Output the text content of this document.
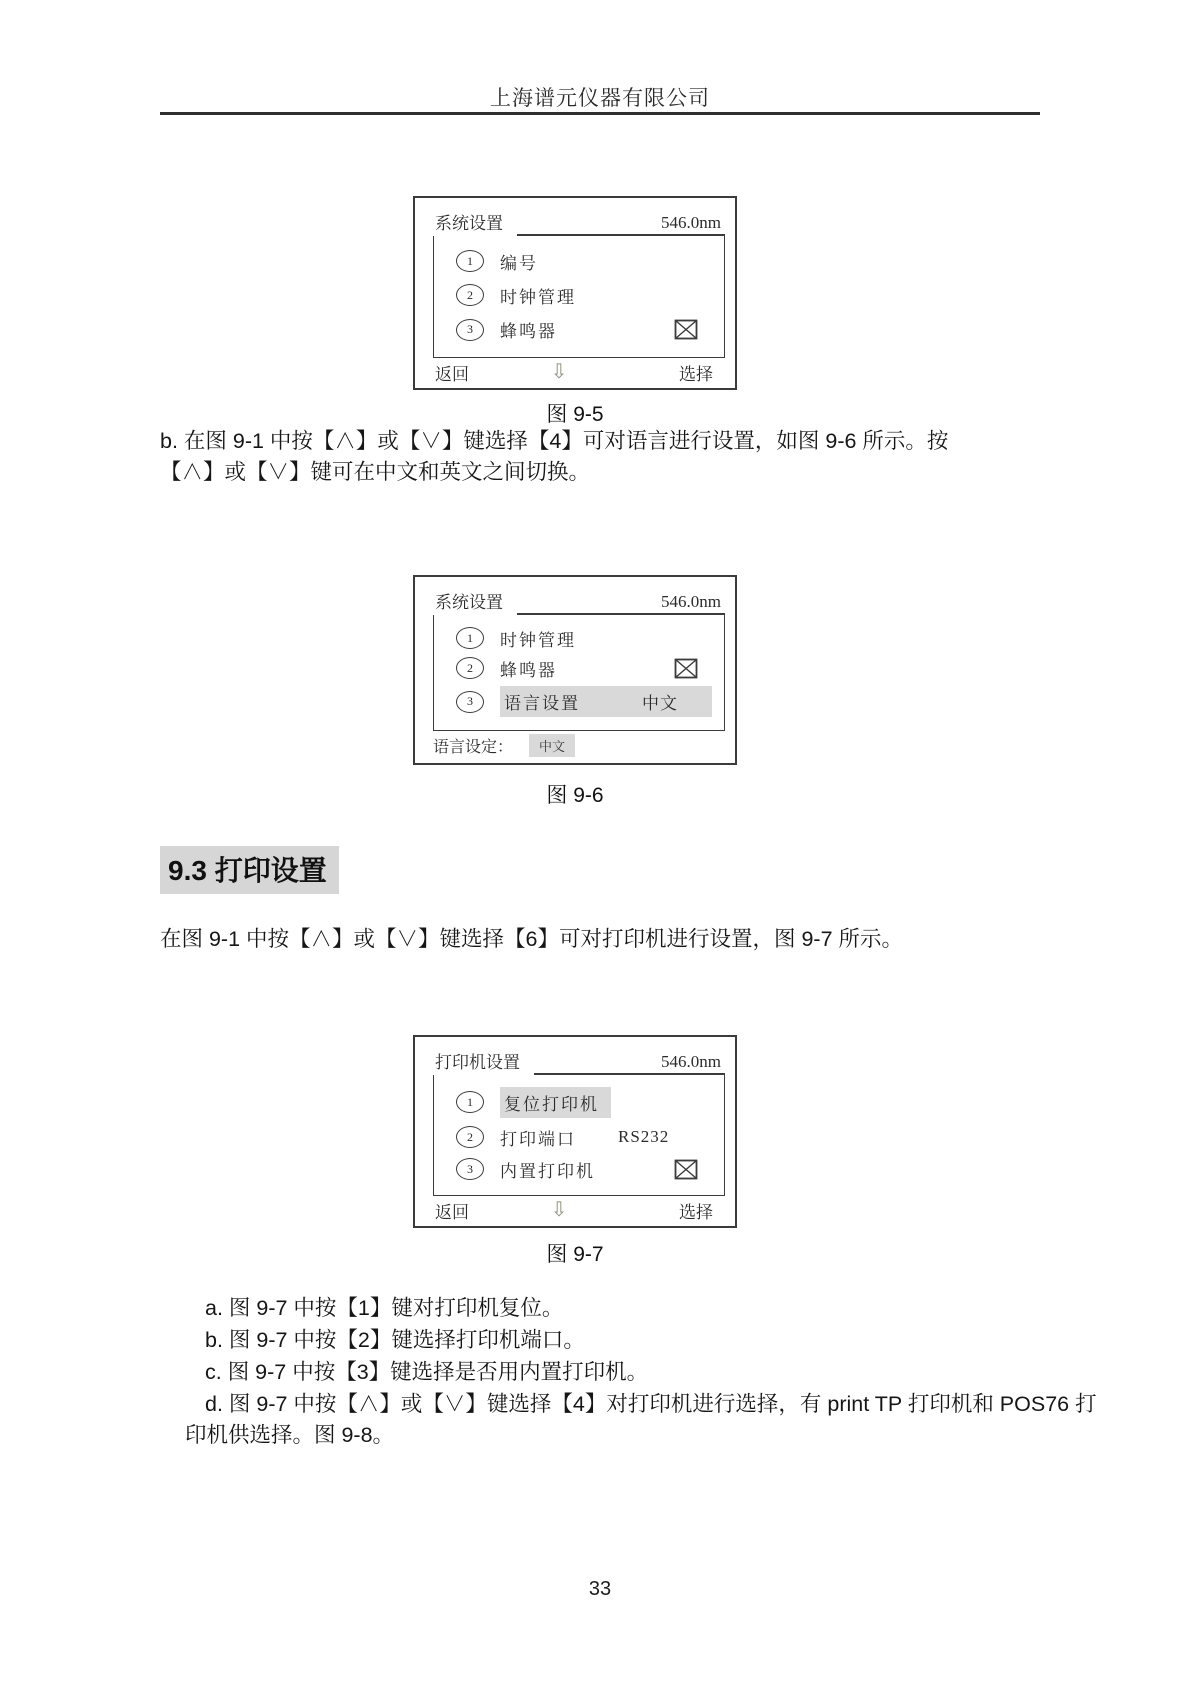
上海谱元仪器有限公司
系统设置	546.0nm
1	编号
2	时钟管理
3	蜂鸣器
返回	⇩	选择
图 9-5
b. 在图 9-1 中按【∧】或【∨】键选择【4】可对语言进行设置，如图 9-6 所示。按【∧】或【∨】键可在中文和英文之间切换。
系统设置	546.0nm
1	时钟管理
2	蜂鸣器
3	语言设置	中文
语言设定：	中文
图 9-6
9.3 打印设置
在图 9-1 中按【∧】或【∨】键选择【6】可对打印机进行设置，图 9-7 所示。
打印机设置	546.0nm
1	复位打印机
2	打印端口 RS232
3	内置打印机
返回	⇩	选择
图 9-7
a. 图 9-7 中按【1】键对打印机复位。
b. 图 9-7 中按【2】键选择打印机端口。
c. 图 9-7 中按【3】键选择是否用内置打印机。
d. 图 9-7 中按【∧】或【∨】键选择【4】对打印机进行选择，有 print TP 打印机和 POS76 打印机供选择。图 9-8。
33
